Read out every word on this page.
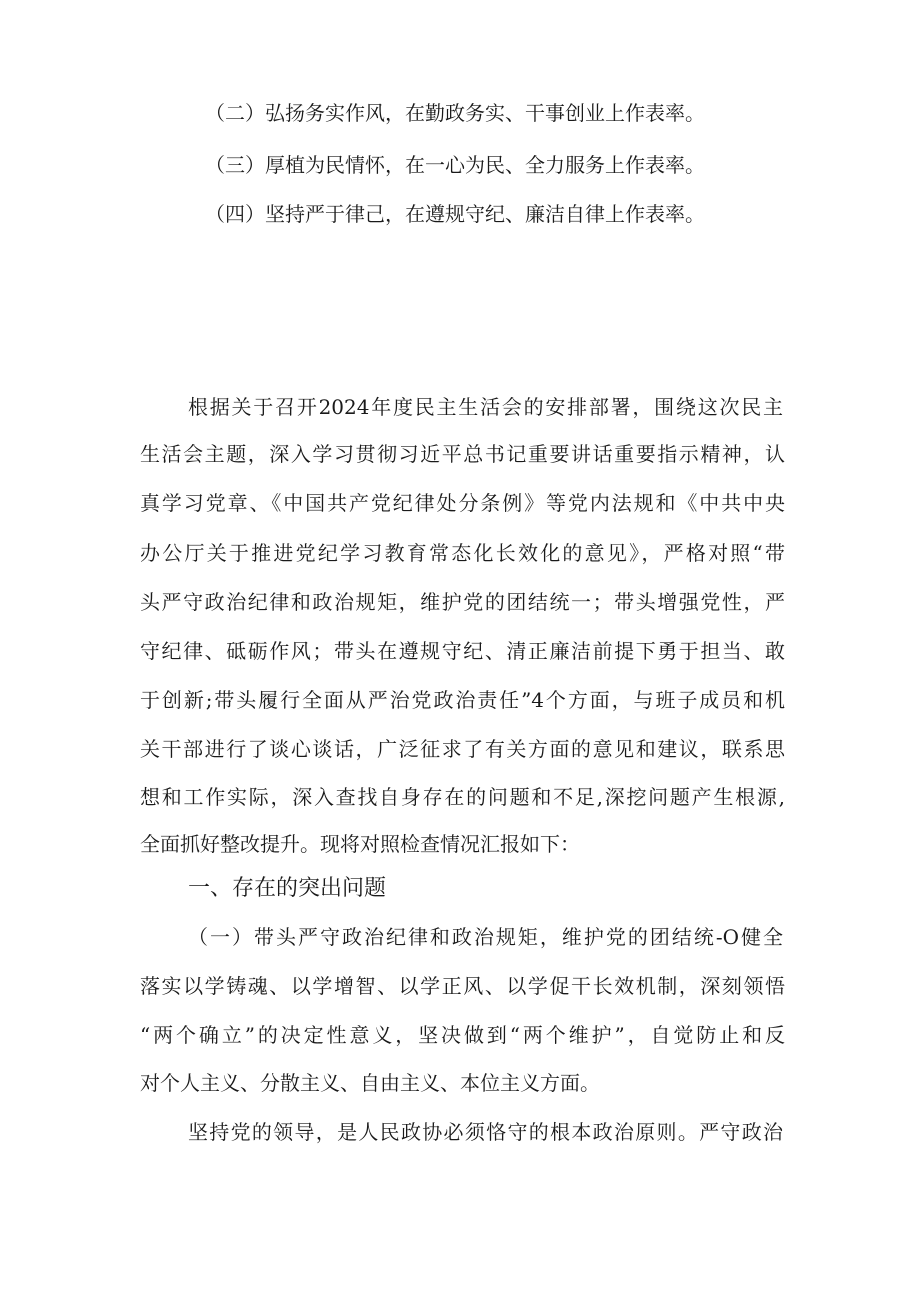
（二）弘扬务实作风，在勤政务实、干事创业上作表率。
（三）厚植为民情怀，在一心为民、全力服务上作表率。
（四）坚持严于律己，在遵规守纪、廉洁自律上作表率。
根据关于召开2024年度民主生活会的安排部署，围绕这次民主
生活会主题，深入学习贯彻习近平总书记重要讲话重要指示精神，认
真学习党章、《中国共产党纪律处分条例》等党内法规和《中共中央
办公厅关于推进党纪学习教育常态化长效化的意见》，严格对照“带
头严守政治纪律和政治规矩，维护党的团结统一；带头增强党性，严
守纪律、砥砺作风；带头在遵规守纪、清正廉洁前提下勇于担当、敢
于创新;带头履行全面从严治党政治责任”4个方面，与班子成员和机
关干部进行了谈心谈话，广泛征求了有关方面的意见和建议，联系思
想和工作实际，深入查找自身存在的问题和不足,深挖问题产生根源,
全面抓好整改提升。现将对照检查情况汇报如下：
一、存在的突出问题
（一）带头严守政治纪律和政治规矩，维护党的团结统-O健全
落实以学铸魂、以学增智、以学正风、以学促干长效机制，深刻领悟
“两个确立”的决定性意义，坚决做到“两个维护”，自觉防止和反
对个人主义、分散主义、自由主义、本位主义方面。
坚持党的领导，是人民政协必须恪守的根本政治原则。严守政治
